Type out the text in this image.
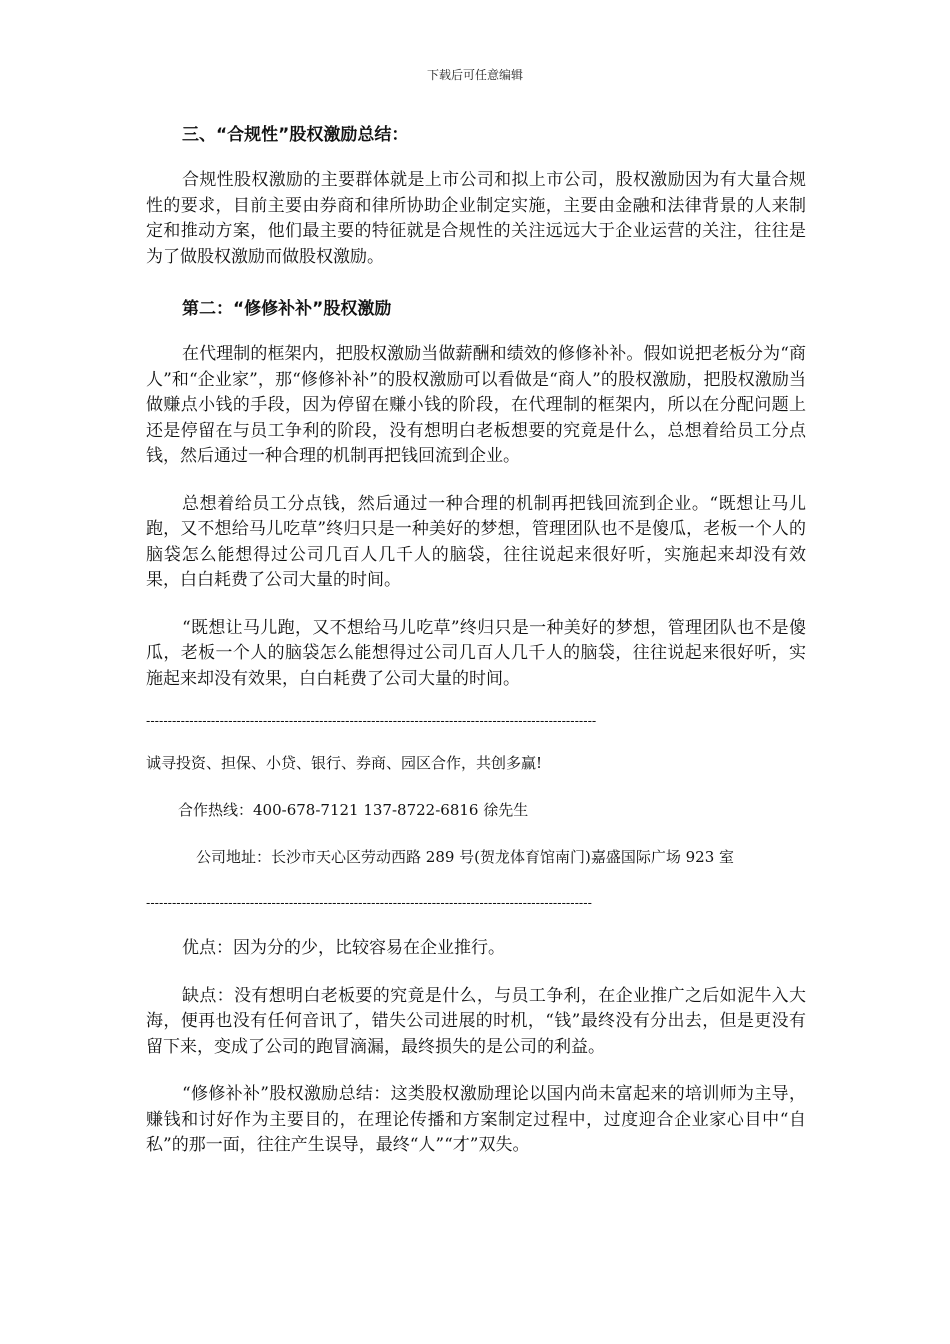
下载后可任意编辑

三、“合规性”股权激励总结：

合规性股权激励的主要群体就是上市公司和拟上市公司，股权激励因为有大量合规性的要求，目前主要由券商和律所协助企业制定实施，主要由金融和法律背景的人来制定和推动方案，他们最主要的特征就是合规性的关注远远大于企业运营的关注，往往是为了做股权激励而做股权激励。

第二：“修修补补”股权激励

在代理制的框架内，把股权激励当做薪酬和绩效的修修补补。假如说把老板分为“商人”和“企业家”，那“修修补补”的股权激励可以看做是“商人”的股权激励，把股权激励当做赚点小钱的手段，因为停留在赚小钱的阶段，在代理制的框架内，所以在分配问题上还是停留在与员工争利的阶段，没有想明白老板想要的究竟是什么，总想着给员工分点钱，然后通过一种合理的机制再把钱回流到企业。

总想着给员工分点钱，然后通过一种合理的机制再把钱回流到企业。“既想让马儿跑，又不想给马儿吃草”终归只是一种美好的梦想，管理团队也不是傻瓜，老板一个人的脑袋怎么能想得过公司几百人几千人的脑袋，往往说起来很好听，实施起来却没有效果，白白耗费了公司大量的时间。

“既想让马儿跑，又不想给马儿吃草”终归只是一种美好的梦想，管理团队也不是傻瓜，老板一个人的脑袋怎么能想得过公司几百人几千人的脑袋，往往说起来很好听，实施起来却没有效果，白白耗费了公司大量的时间。

--------------------------------------------------------------------------------------------------------
诚寻投资、担保、小贷、银行、券商、园区合作，共创多赢!
合作热线：400-678-7121 137-8722-6816 徐先生
公司地址：长沙市天心区劳动西路 289 号(贺龙体育馆南门)嘉盛国际广场 923 室
-------------------------------------------------------------------------------------------------------

优点：因为分的少，比较容易在企业推行。

缺点：没有想明白老板要的究竟是什么，与员工争利，在企业推广之后如泥牛入大海，便再也没有任何音讯了，错失公司进展的时机，“钱”最终没有分出去，但是更没有留下来，变成了公司的跑冒滴漏，最终损失的是公司的利益。

“修修补补”股权激励总结：这类股权激励理论以国内尚未富起来的培训师为主导，赚钱和讨好作为主要目的，在理论传播和方案制定过程中，过度迎合企业家心目中“自私”的那一面，往往产生误导，最终“人”“才”双失。
